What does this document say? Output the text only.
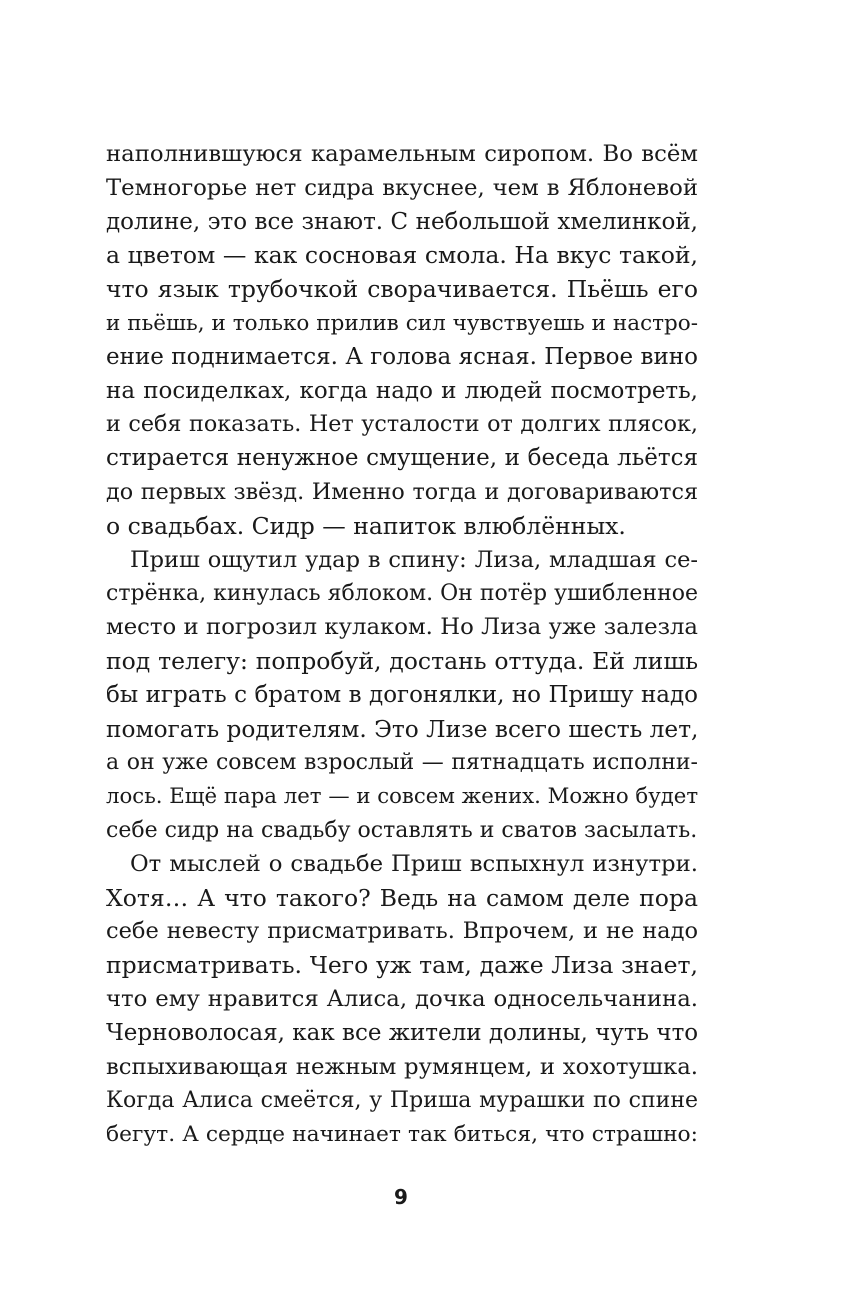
наполнившуюся карамельным сиропом. Во всём
Темногорье нет сидра вкуснее, чем в Яблоневой
долине, это все знают. С небольшой хмелинкой,
а цветом — как сосновая смола. На вкус такой,
что язык трубочкой сворачивается. Пьёшь его
и пьёшь, и только прилив сил чувствуешь и настро-
ение поднимается. А голова ясная. Первое вино
на посиделках, когда надо и людей посмотреть,
и себя показать. Нет усталости от долгих плясок,
стирается ненужное смущение, и беседа льётся
до первых звёзд. Именно тогда и договариваются
о свадьбах. Сидр — напиток влюблённых.
Приш ощутил удар в спину: Лиза, младшая се-
стрёнка, кинулась яблоком. Он потёр ушибленное
место и погрозил кулаком. Но Лиза уже залезла
под телегу: попробуй, достань оттуда. Ей лишь
бы играть с братом в догонялки, но Пришу надо
помогать родителям. Это Лизе всего шесть лет,
а он уже совсем взрослый — пятнадцать исполни-
лось. Ещё пара лет — и совсем жених. Можно будет
себе сидр на свадьбу оставлять и сватов засылать.
От мыслей о свадьбе Приш вспыхнул изнутри.
Хотя… А что такого? Ведь на самом деле пора
себе невесту присматривать. Впрочем, и не надо
присматривать. Чего уж там, даже Лиза знает,
что ему нравится Алиса, дочка односельчанина.
Черноволосая, как все жители долины, чуть что
вспыхивающая нежным румянцем, и хохотушка.
Когда Алиса смеётся, у Приша мурашки по спине
бегут. А сердце начинает так биться, что страшно:
9
